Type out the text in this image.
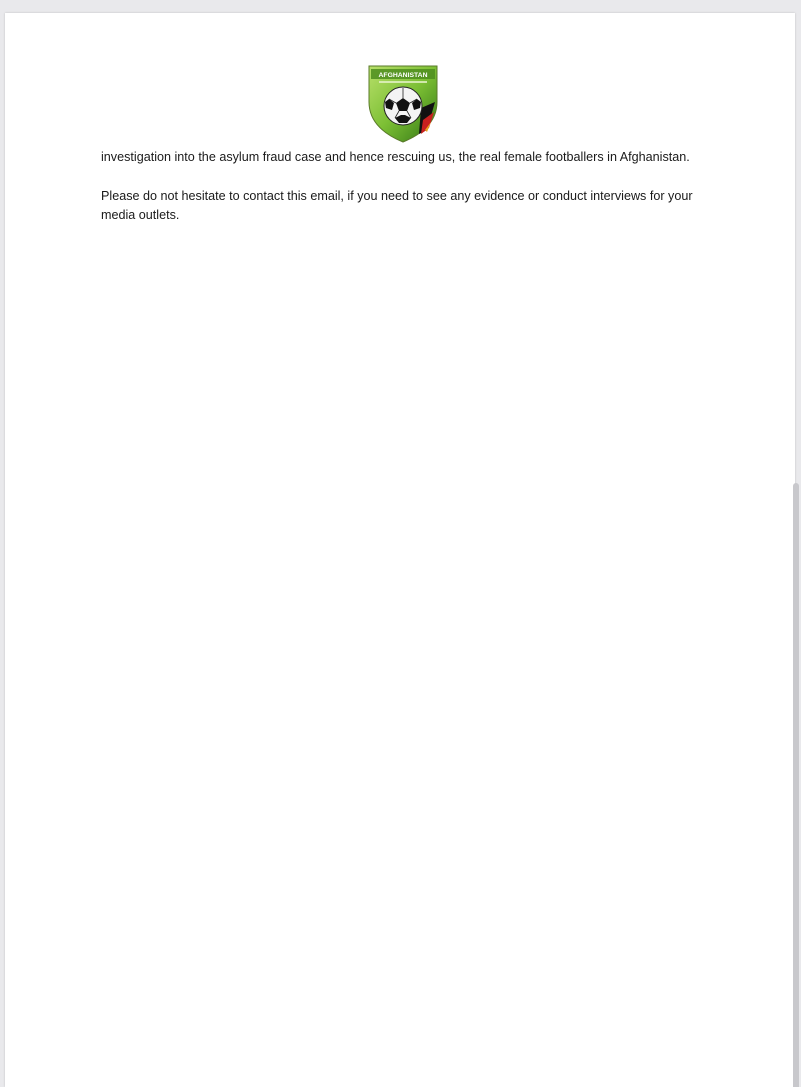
AFGHANISTAN

investigation into the asylum fraud case and hence rescuing us, the real female footballers in Afghanistan.

Please do not hesitate to contact this email, if you need to see any evidence or conduct interviews for your media outlets.
